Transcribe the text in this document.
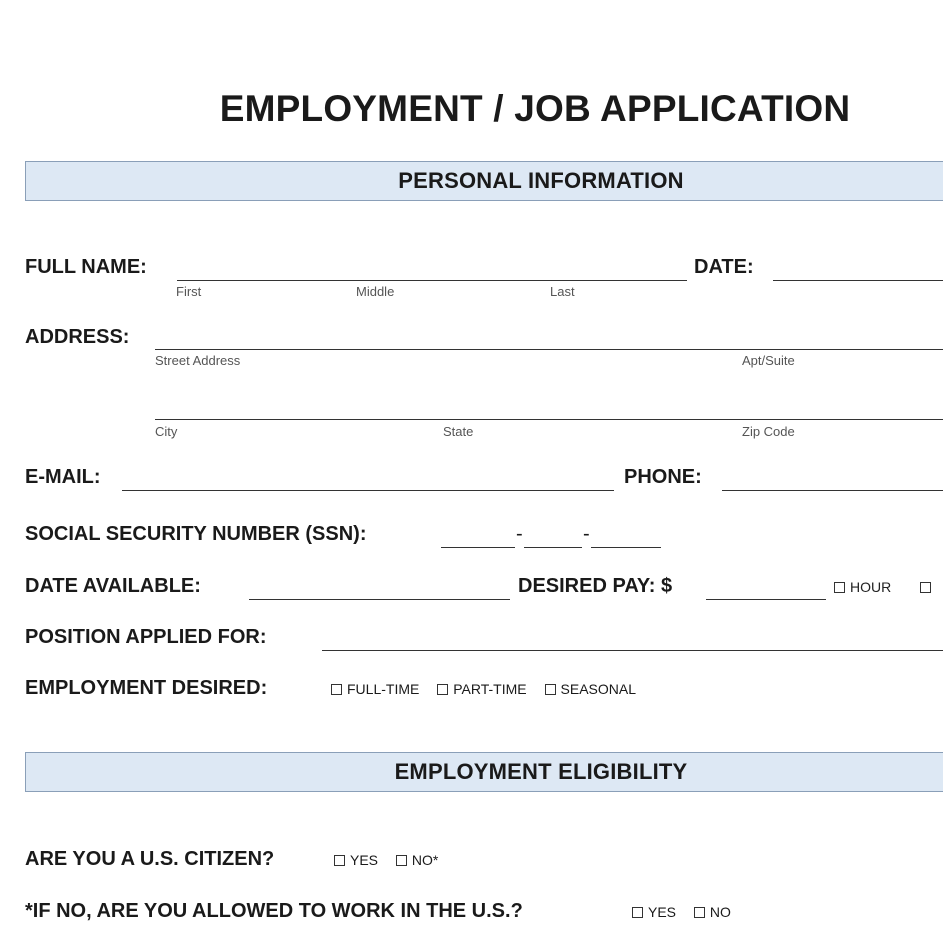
EMPLOYMENT / JOB APPLICATION
PERSONAL INFORMATION
FULL NAME:
First	Middle	Last
DATE:
ADDRESS:
Street Address	Apt/Suite
City	State	Zip Code
E-MAIL:	PHONE:
SOCIAL SECURITY NUMBER (SSN):	-	-
DATE AVAILABLE:	DESIRED PAY: $	HOUR
POSITION APPLIED FOR:
EMPLOYMENT DESIRED:	FULL-TIME PART-TIME SEASONAL
EMPLOYMENT ELIGIBILITY
ARE YOU A U.S. CITIZEN?	YES NO*
*IF NO, ARE YOU ALLOWED TO WORK IN THE U.S.?	YES NO
